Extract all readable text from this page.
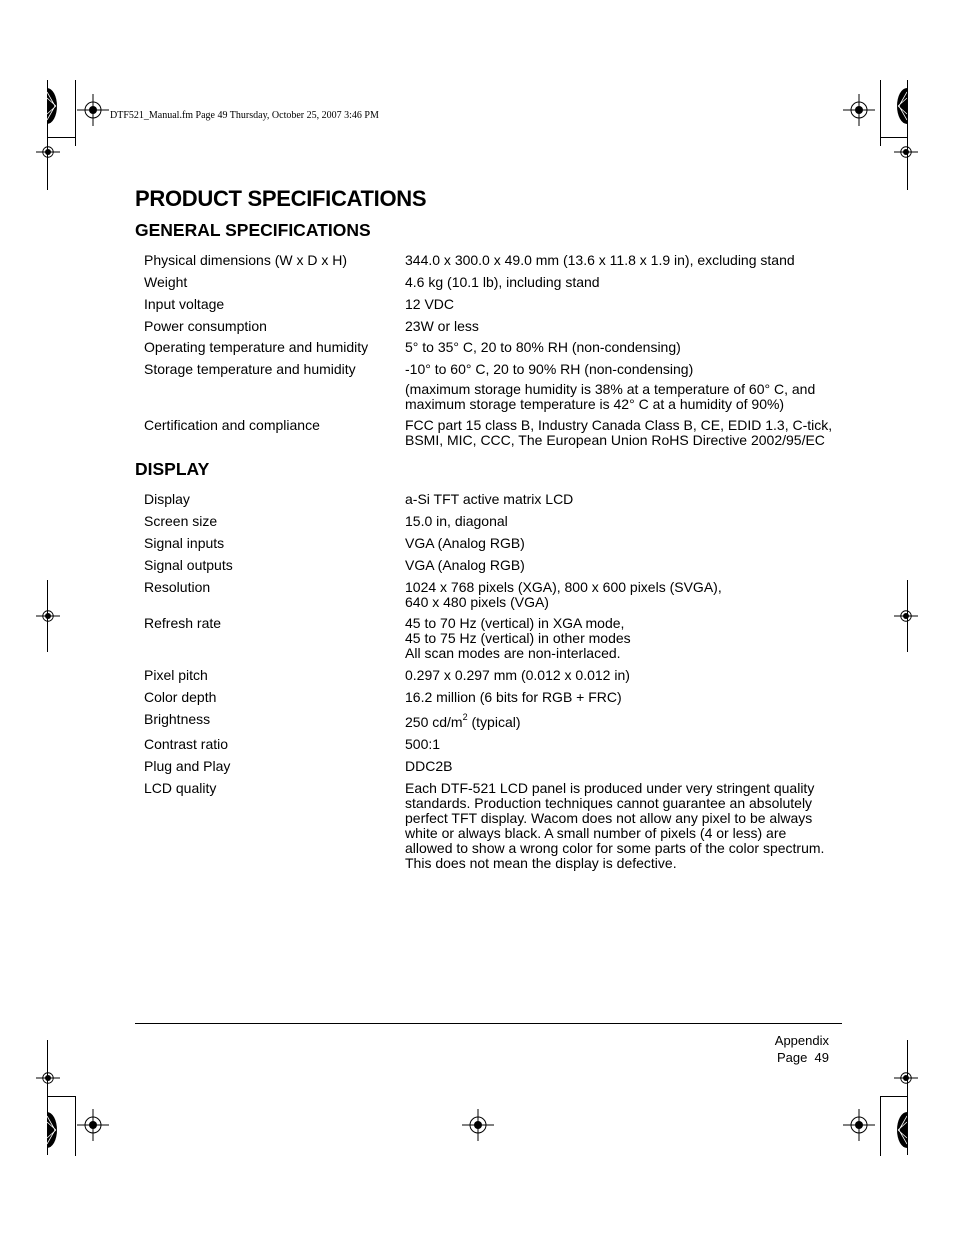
DTF521_Manual.fm Page 49 Thursday, October 25, 2007 3:46 PM
PRODUCT SPECIFICATIONS
GENERAL SPECIFICATIONS
Physical dimensions (W x D x H)	344.0 x 300.0 x 49.0 mm (13.6 x 11.8 x 1.9 in), excluding stand
Weight	4.6 kg (10.1 lb), including stand
Input voltage	12 VDC
Power consumption	23W or less
Operating temperature and humidity	5° to 35° C, 20 to 80% RH (non-condensing)
Storage temperature and humidity	-10° to 60° C, 20 to 90% RH (non-condensing)
(maximum storage humidity is 38% at a temperature of 60° C, and
maximum storage temperature is 42° C at a humidity of 90%)
Certification and compliance	FCC part 15 class B, Industry Canada Class B, CE, EDID 1.3, C-tick,
BSMI, MIC, CCC, The European Union RoHS Directive 2002/95/EC
DISPLAY
Display	a-Si TFT active matrix LCD
Screen size	15.0 in, diagonal
Signal inputs	VGA (Analog RGB)
Signal outputs	VGA (Analog RGB)
Resolution	1024 x 768 pixels (XGA), 800 x 600 pixels (SVGA),
640 x 480 pixels (VGA)
Refresh rate	45 to 70 Hz (vertical) in XGA mode,
45 to 75 Hz (vertical) in other modes
All scan modes are non-interlaced.
Pixel pitch	0.297 x 0.297 mm (0.012 x 0.012 in)
Color depth	16.2 million (6 bits for RGB + FRC)
Brightness	250 $cd/m^2$ (typical)
Contrast ratio	500:1
Plug and Play	DDC2B
LCD quality	Each DTF-521 LCD panel is produced under very stringent quality
standards. Production techniques cannot guarantee an absolutely
perfect TFT display. Wacom does not allow any pixel to be always
white or always black. A small number of pixels (4 or less) are
allowed to show a wrong color for some parts of the color spectrum.
This does not mean the display is defective.
Appendix
Page  49
